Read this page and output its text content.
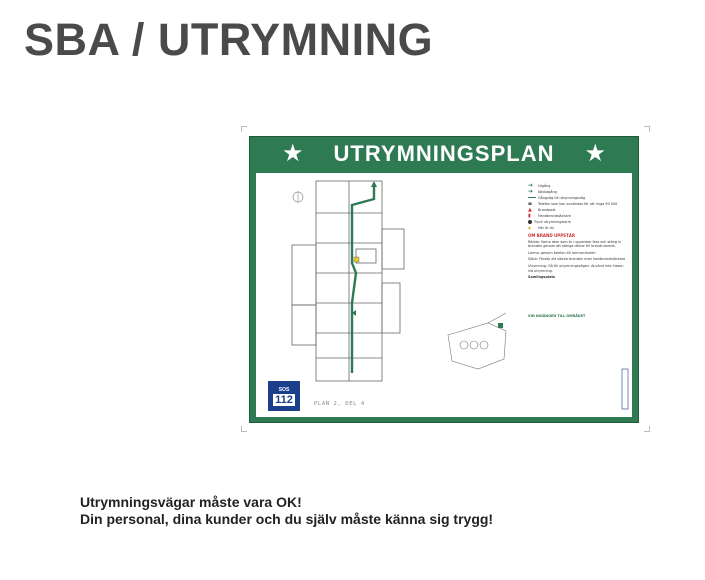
SBA / UTRYMNING
★ UTRYMNINGSPLAN ★
➔	Utgång
➔	Nödutgång
Gångväg till utrymningsväg
☎	Telefon som kan användas för att ringa 90 000
▲	Brandpost
▮	Handbrandsläckare
Tryck utrymningslarm
◉	Här är du
OM BRAND UPPSTÅR
Rädda: Varna dem som är i uppenbar fara och stäng in branden genom att stänga dörrar till brandrummet.
Larma: genom telefon till larmcentralen
Släck: Försök att släcka branden med handbrandsläckare
Utrymning: Gå till utrymningsvägen. Använd inte hissen vid utrymning.
Samlingsplats
VID INGÅNGEN TILL OMRÅDET
SOS
112	PLAN 2, DEL 4
Utrymningsvägar måste vara OK!
Din personal, dina kunder och du själv måste känna sig trygg!
